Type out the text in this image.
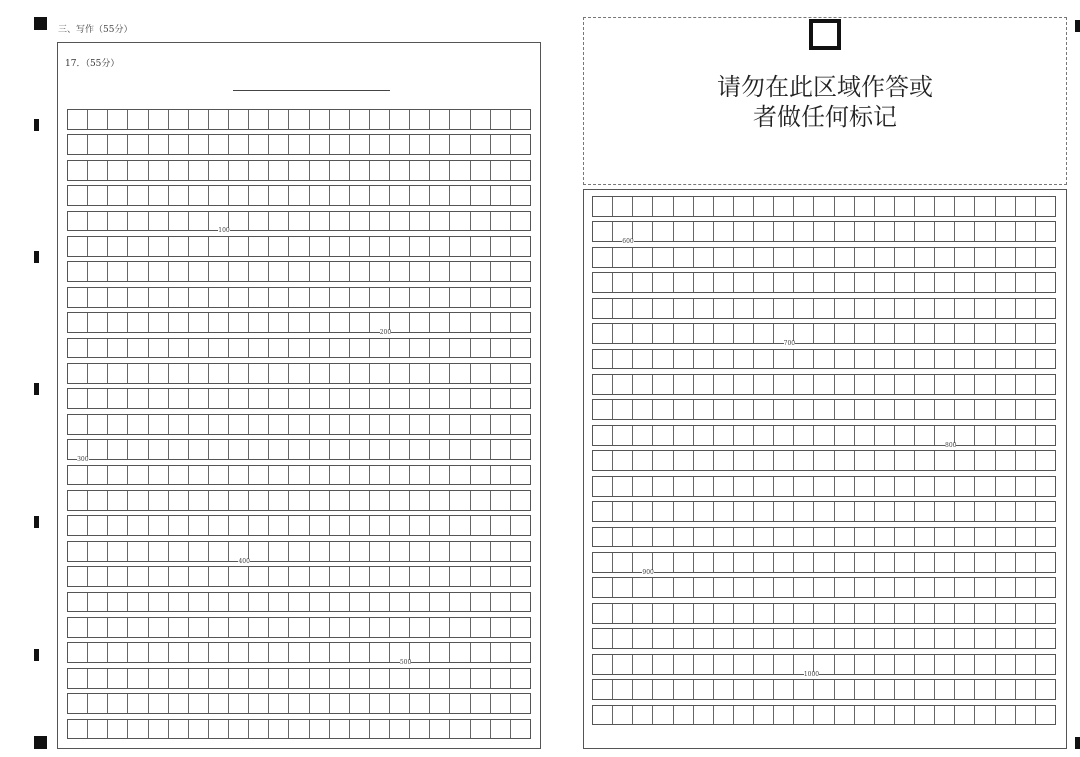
三、写作（55分）
17．（55分）
100
200
300
400
500
请勿在此区域作答或
者做任何标记
600
700
800
900
1000
